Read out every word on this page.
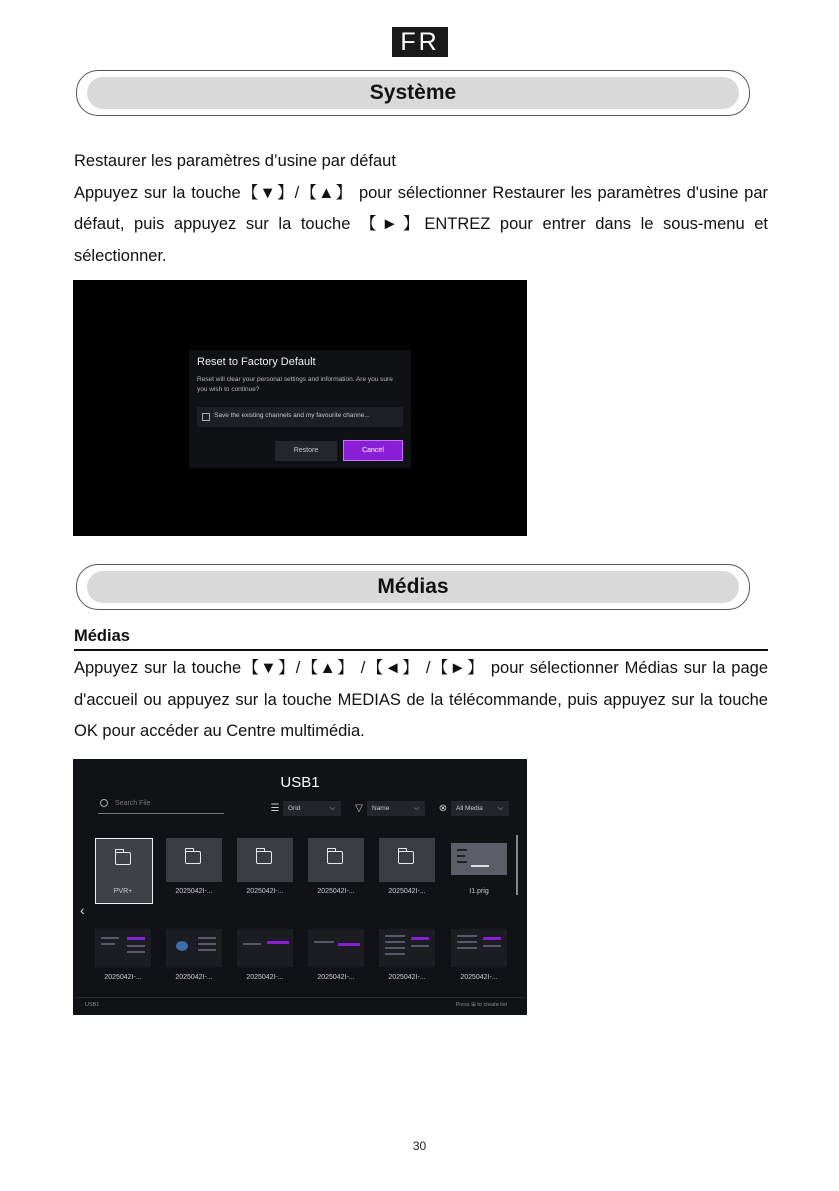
FR
Système

Restaurer les paramètres d’usine par défaut

Appuyez sur la touche【▼】/【▲】 pour sélectionner Restaurer les paramètres d'usine par défaut, puis appuyez sur la touche 【►】ENTREZ pour entrer dans le sous-menu et sélectionner.

Reset to Factory Default
Reset will clear your personal settings and information. Are you sure you wish to continue?
Save the existing channels and my favourite channe...
Restore	Cancel
Médias
Médias

Appuyez sur la touche【▼】/【▲】 /【◄】 /【►】 pour sélectionner Médias sur la page d'accueil ou appuyez sur la touche MEDIAS de la télécommande, puis appuyez sur la touche OK pour accéder au Centre multimédia.

USB1
Search File	☰	Grid	⌵ ▽	Name	⌵ ⊗	All Media ⌵
PVR+	2025042I-...	2025042I-...	2025042I-...	2025042I-...	I1.prig
‹
2025042I-...	2025042I-...	2025042I-...	2025042I-...	2025042I-...	2025042I-...
USB1	Press ⊞ to create list
30
